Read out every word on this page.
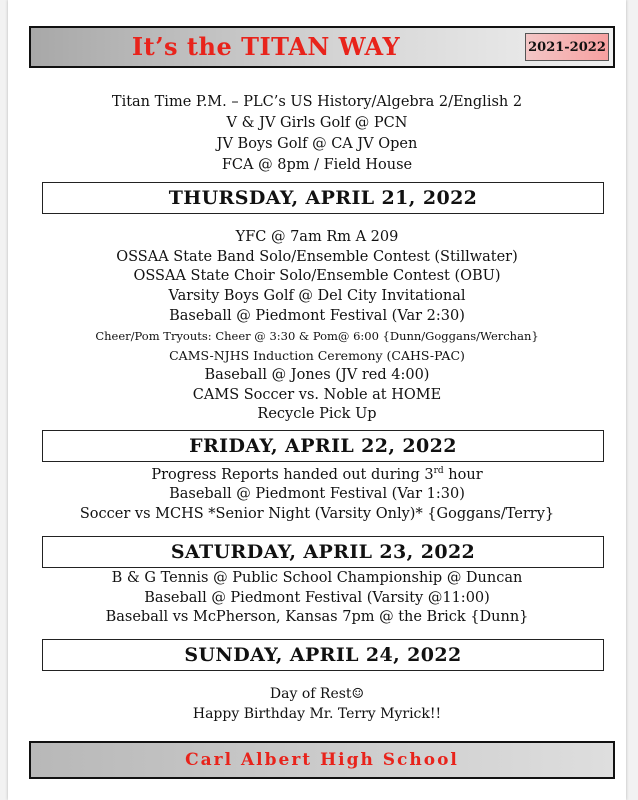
It’s the TITAN WAY	2021-2022
Titan Time P.M. – PLC’s US History/Algebra 2/English 2
V & JV Girls Golf @ PCN
JV Boys Golf @ CA JV Open
FCA @ 8pm / Field House
THURSDAY, APRIL 21, 2022
YFC @ 7am Rm A 209
OSSAA State Band Solo/Ensemble Contest (Stillwater)
OSSAA State Choir Solo/Ensemble Contest (OBU)
Varsity Boys Golf @ Del City Invitational
Baseball @ Piedmont Festival (Var 2:30)
Cheer/Pom Tryouts: Cheer @ 3:30 & Pom@ 6:00 {Dunn/Goggans/Werchan}
CAMS-NJHS Induction Ceremony (CAHS-PAC)
Baseball @ Jones (JV red 4:00)
CAMS Soccer vs. Noble at HOME
Recycle Pick Up
FRIDAY, APRIL 22, 2022
Progress Reports handed out during 3rd hour
Baseball @ Piedmont Festival (Var 1:30)
Soccer vs MCHS *Senior Night (Varsity Only)* {Goggans/Terry}
SATURDAY, APRIL 23, 2022
B & G Tennis @ Public School Championship @ Duncan
Baseball @ Piedmont Festival (Varsity @11:00)
Baseball vs McPherson, Kansas 7pm @ the Brick {Dunn}
SUNDAY, APRIL 24, 2022
Day of Rest☺
Happy Birthday Mr. Terry Myrick!!
Carl Albert High School
